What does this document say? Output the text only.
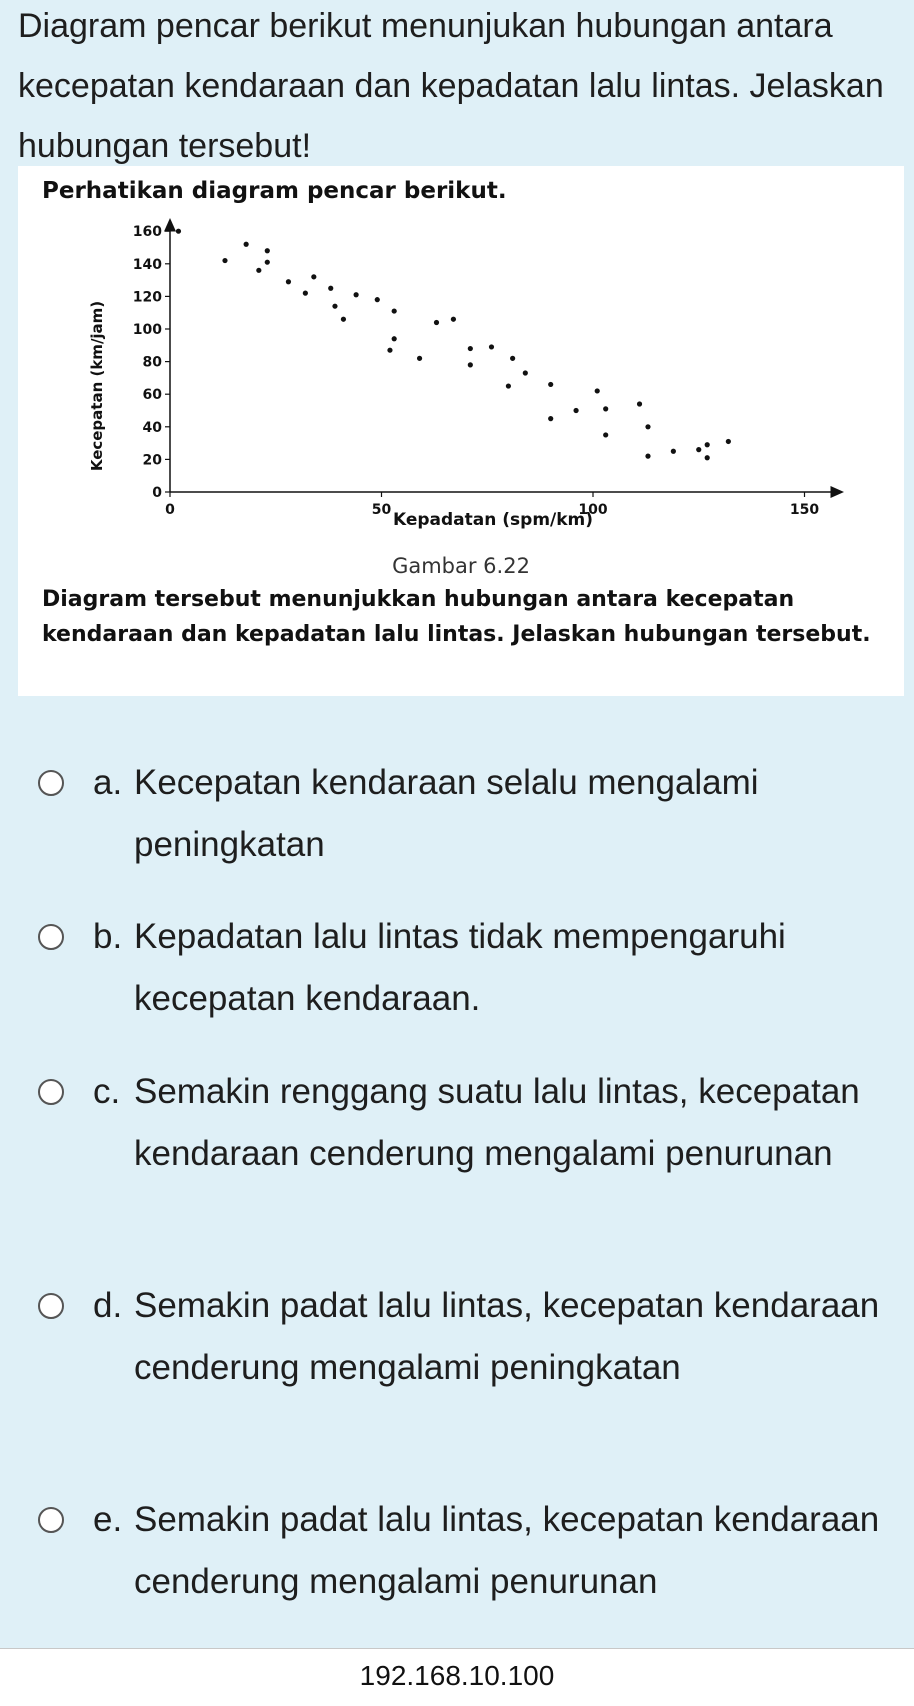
Diagram pencar berikut menunjukan hubungan antara kecepatan kendaraan dan kepadatan lalu lintas. Jelaskan hubungan tersebut!
Perhatikan diagram pencar berikut.
0
20
40
60
80
100
120
140
160
0	50	100	150
Kecepatan (km/jam)
Kepadatan (spm/km)
Gambar 6.22
Diagram tersebut menunjukkan hubungan antara kecepatan kendaraan dan kepadatan lalu lintas. Jelaskan hubungan tersebut.
a. Kecepatan kendaraan selalu mengalami peningkatan
b. Kepadatan lalu lintas tidak mempengaruhi kecepatan kendaraan.
c. Semakin renggang suatu lalu lintas, kecepatan kendaraan cenderung mengalami penurunan
d. Semakin padat lalu lintas, kecepatan kendaraan cenderung mengalami peningkatan
e. Semakin padat lalu lintas, kecepatan kendaraan cenderung mengalami penurunan
192.168.10.100
